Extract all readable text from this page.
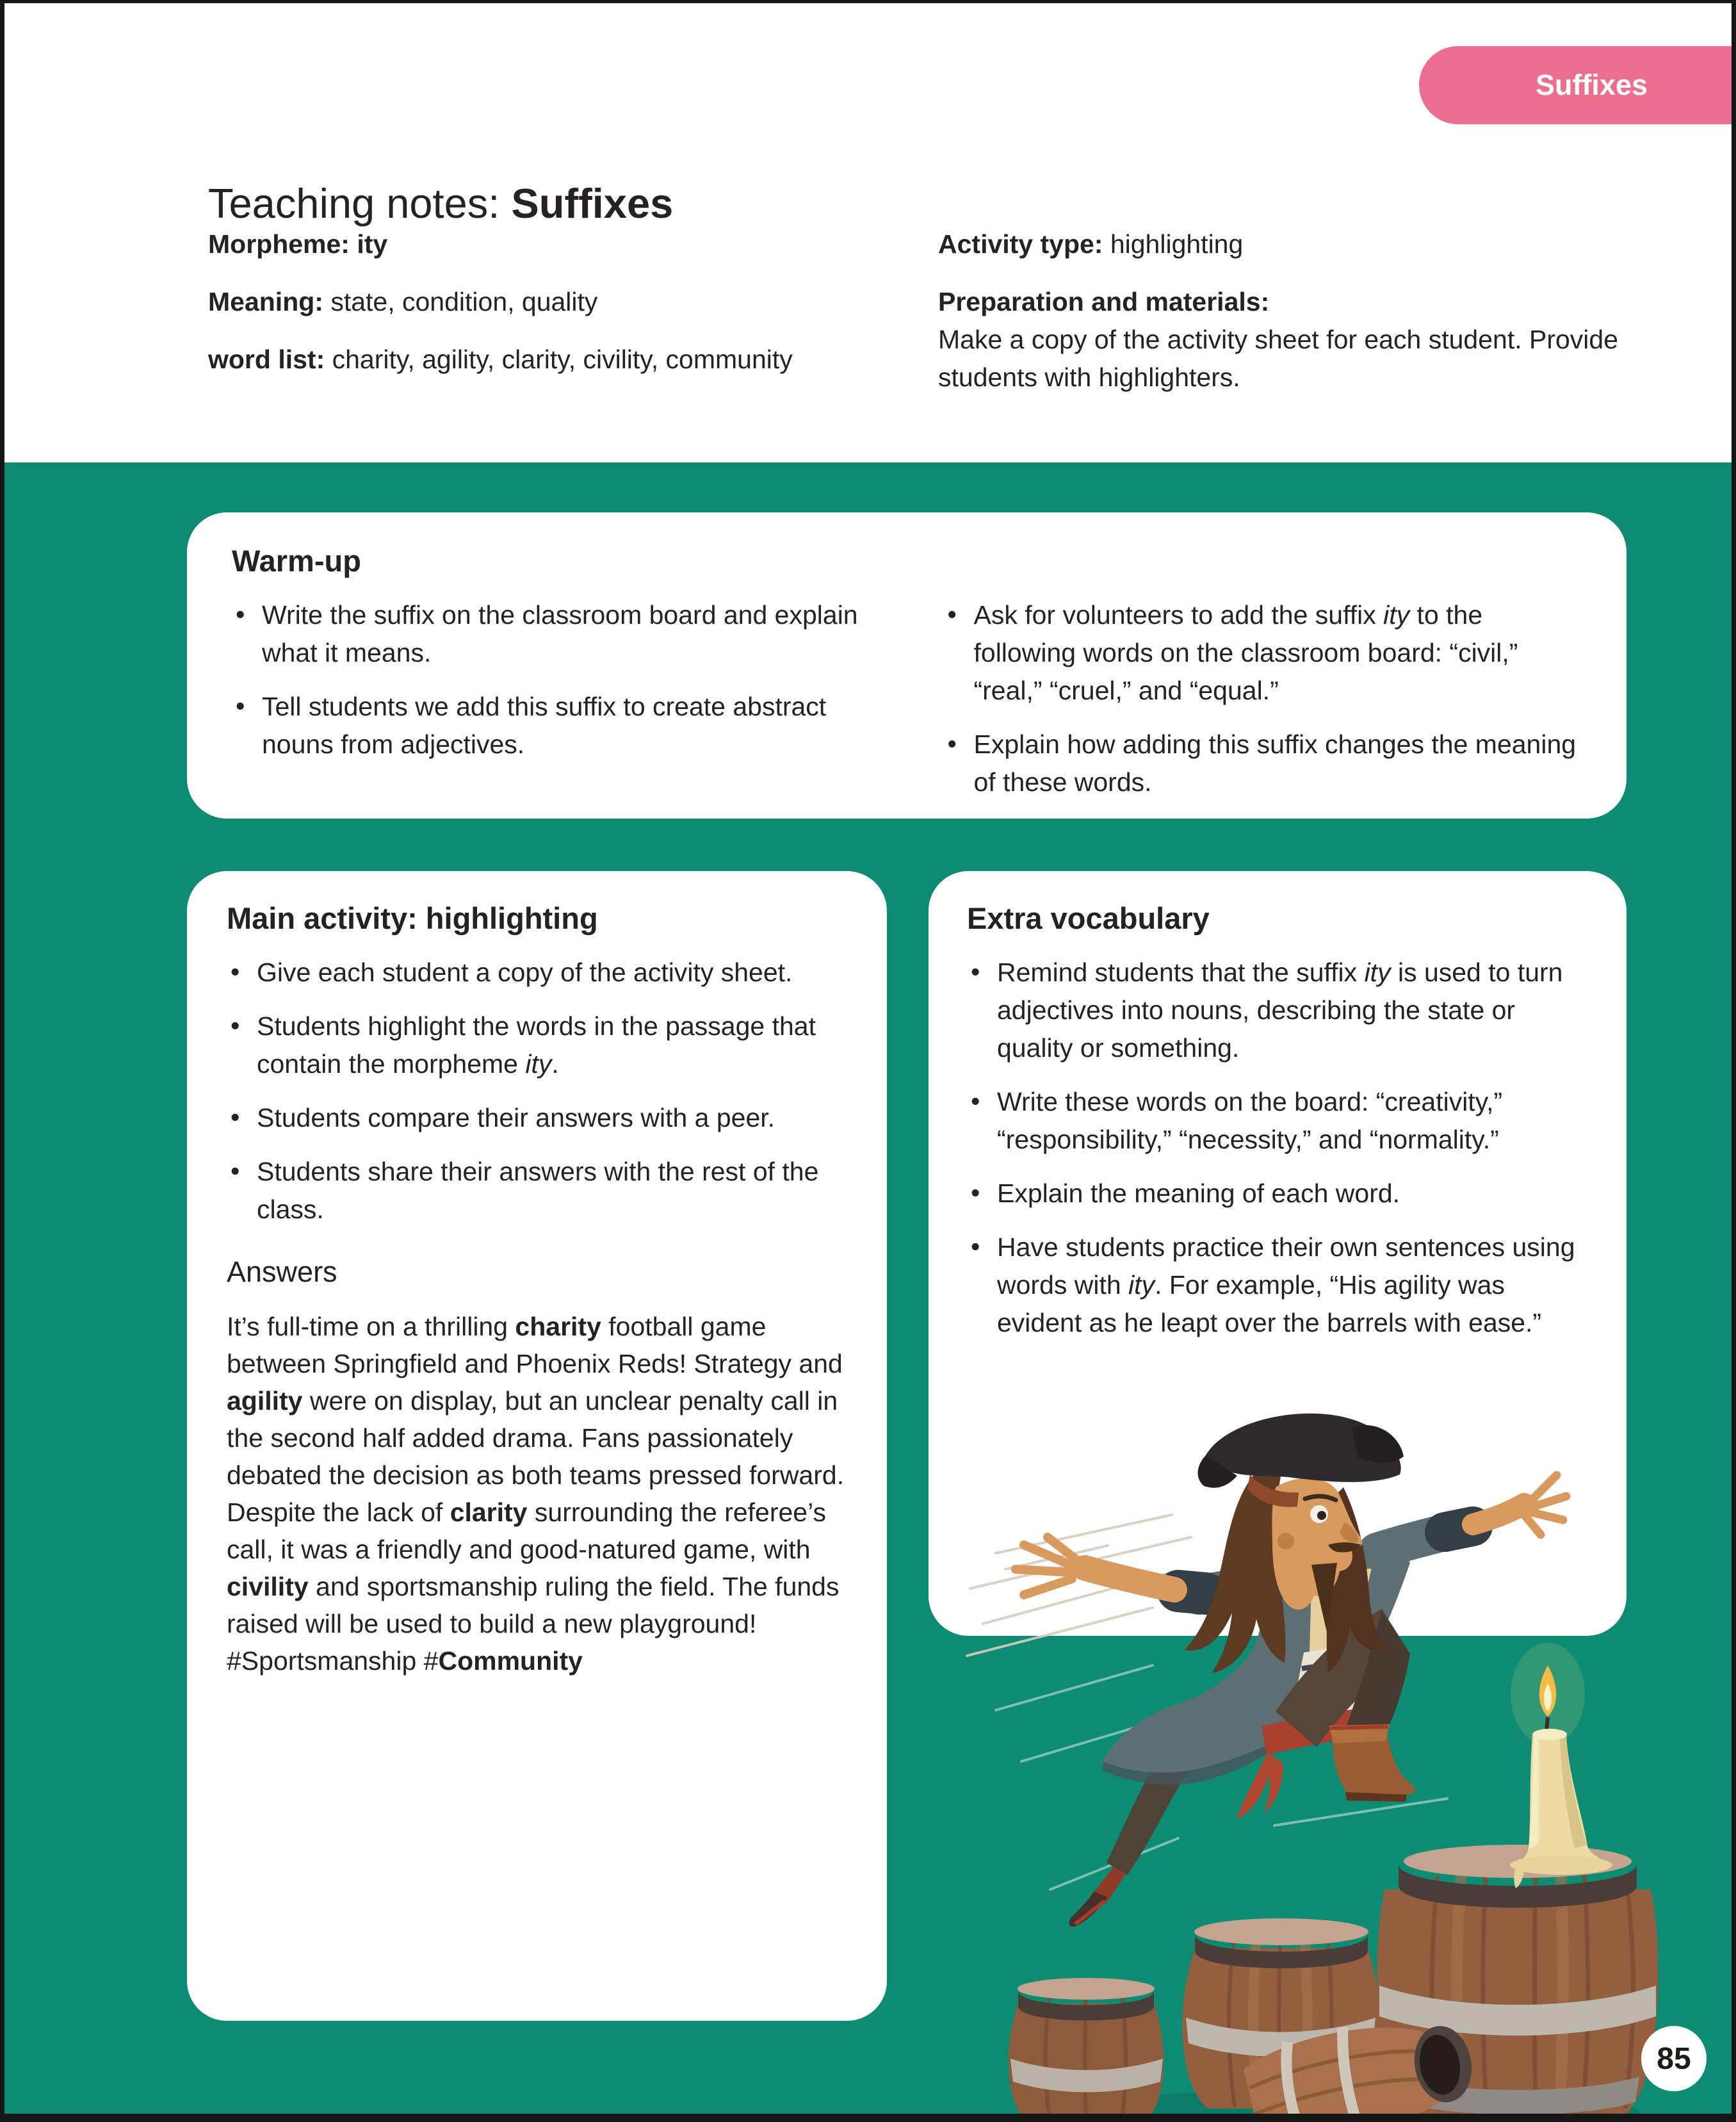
Suffixes
Teaching notes: Suffixes
Morpheme: ity
Meaning: state, condition, quality
word list: charity, agility, clarity, civility, community
Activity type: highlighting
Preparation and materials:
Make a copy of the activity sheet for each student. Provide students with highlighters.
Warm-up
• Write the suffix on the classroom board and explain what it means.
• Tell students we add this suffix to create abstract nouns from adjectives.
• Ask for volunteers to add the suffix ity to the following words on the classroom board: “civil,” “real,” “cruel,” and “equal.”
• Explain how adding this suffix changes the meaning of these words.
Main activity: highlighting
• Give each student a copy of the activity sheet.
• Students highlight the words in the passage that contain the morpheme ity.
• Students compare their answers with a peer.
• Students share their answers with the rest of the class.
Answers

It’s full-time on a thrilling charity football game between Springfield and Phoenix Reds! Strategy and agility were on display, but an unclear penalty call in the second half added drama. Fans passionately debated the decision as both teams pressed forward. Despite the lack of clarity surrounding the referee’s call, it was a friendly and good-natured game, with civility and sportsmanship ruling the field. The funds raised will be used to build a new playground! #Sportsmanship #Community

Extra vocabulary
• Remind students that the suffix ity is used to turn adjectives into nouns, describing the state or quality or something.
• Write these words on the board: “creativity,” “responsibility,” “necessity,” and “normality.”
• Explain the meaning of each word.
• Have students practice their own sentences using words with ity. For example, “His agility was evident as he leapt over the barrels with ease.”
85
